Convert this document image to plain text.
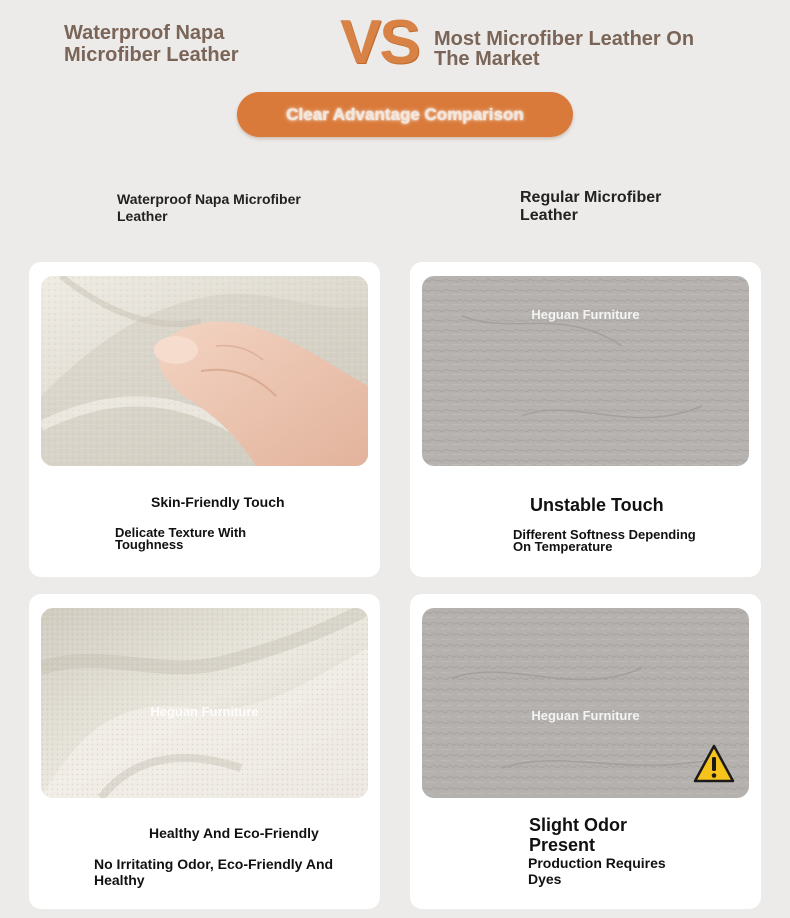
Waterproof Napa Microfiber Leather	VS Most Microfiber Leather On The Market
Clear Advantage Comparison
Waterproof Napa Microfiber Leather
Regular Microfiber Leather
Skin-Friendly Touch
Delicate Texture With Toughness
Heguan Furniture
Unstable Touch
Different Softness Depending On Temperature
Heguan Furniture
Healthy And Eco-Friendly
No Irritating Odor, Eco-Friendly And Healthy
Heguan Furniture
Slight Odor Present
Production Requires Dyes
